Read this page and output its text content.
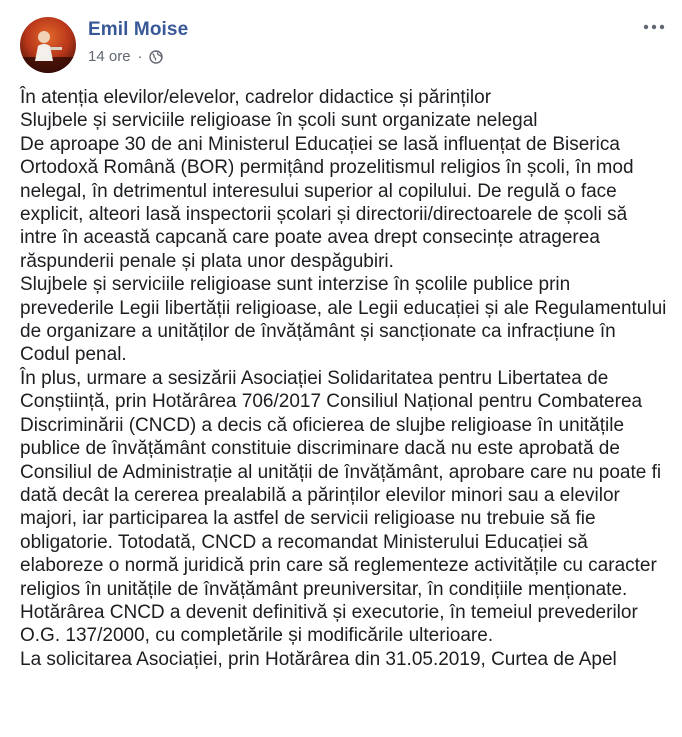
Emil Moise
14 ore ·
În atenția elevilor/elevelor, cadrelor didactice și părinților
Slujbele și serviciile religioase în școli sunt organizate nelegal
De aproape 30 de ani Ministerul Educației se lasă influențat de Biserica
Ortodoxă Română (BOR) permițând prozelitismul religios în școli, în mod
nelegal, în detrimentul interesului superior al copilului. De regulă o face
explicit, alteori lasă inspectorii școlari și directorii/directoarele de școli să
intre în această capcană care poate avea drept consecințe atragerea
răspunderii penale și plata unor despăgubiri.
Slujbele și serviciile religioase sunt interzise în școlile publice prin
prevederile Legii libertății religioase, ale Legii educației și ale Regulamentului
de organizare a unităților de învățământ și sancționate ca infracțiune în
Codul penal.
În plus, urmare a sesizării Asociației Solidaritatea pentru Libertatea de
Conștiință, prin Hotărârea 706/2017 Consiliul Național pentru Combaterea
Discriminării (CNCD) a decis că oficierea de slujbe religioase în unitățile
publice de învățământ constituie discriminare dacă nu este aprobată de
Consiliul de Administrație al unității de învățământ, aprobare care nu poate fi
dată decât la cererea prealabilă a părinților elevilor minori sau a elevilor
majori, iar participarea la astfel de servicii religioase nu trebuie să fie
obligatorie. Totodată, CNCD a recomandat Ministerului Educației să
elaboreze o normă juridică prin care să reglementeze activitățile cu caracter
religios în unitățile de învățământ preuniversitar, în condițiile menționate.
Hotărârea CNCD a devenit definitivă și executorie, în temeiul prevederilor
O.G. 137/2000, cu completările și modificările ulterioare.
La solicitarea Asociației, prin Hotărârea din 31.05.2019, Curtea de Apel
